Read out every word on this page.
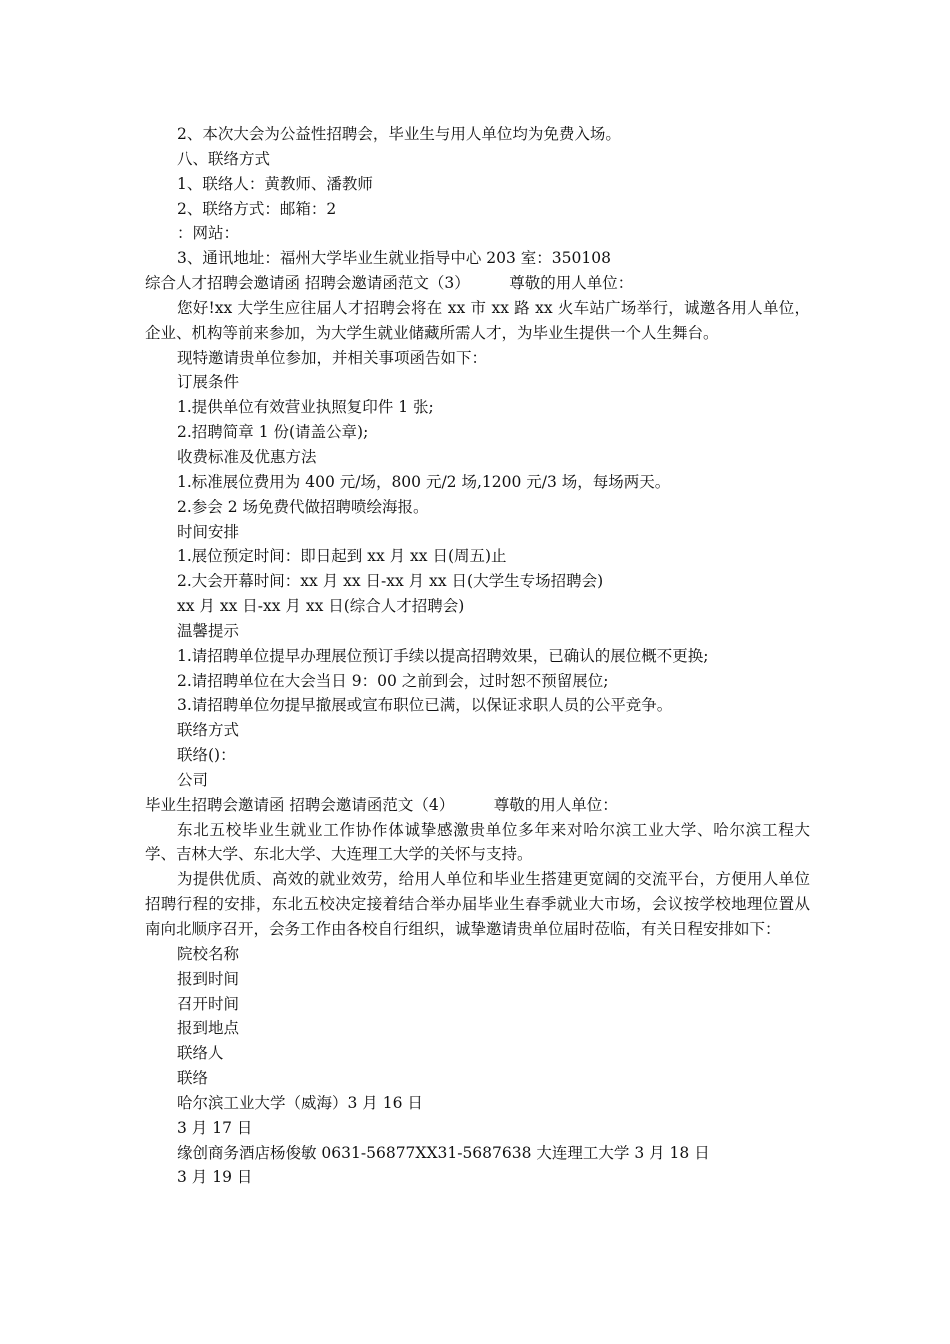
2、本次大会为公益性招聘会，毕业生与用人单位均为免费入场。
八、联络方式
1、联络人：黄教师、潘教师
2、联络方式：邮箱：2
：网站：
3、通讯地址：福州大学毕业生就业指导中心 203 室：350108
综合人才招聘会邀请函 招聘会邀请函范文（3）        尊敬的用人单位：
您好!xx 大学生应往届人才招聘会将在 xx 市 xx 路 xx 火车站广场举行，诚邀各用人单位，企业、机构等前来参加，为大学生就业储藏所需人才，为毕业生提供一个人生舞台。
现特邀请贵单位参加，并相关事项函告如下：
订展条件
1.提供单位有效营业执照复印件 1 张;
2.招聘简章 1 份(请盖公章);
收费标准及优惠方法
1.标准展位费用为 400 元/场，800 元/2 场,1200 元/3 场，每场两天。
2.参会 2 场免费代做招聘喷绘海报。
时间安排
1.展位预定时间：即日起到 xx 月 xx 日(周五)止
2.大会开幕时间：xx 月 xx 日-xx 月 xx 日(大学生专场招聘会)
xx 月 xx 日-xx 月 xx 日(综合人才招聘会)
温馨提示
1.请招聘单位提早办理展位预订手续以提高招聘效果，已确认的展位概不更换;
2.请招聘单位在大会当日 9：00 之前到会，过时恕不预留展位;
3.请招聘单位勿提早撤展或宣布职位已满，以保证求职人员的公平竞争。
联络方式
联络()：
公司
毕业生招聘会邀请函 招聘会邀请函范文（4）        尊敬的用人单位：
东北五校毕业生就业工作协作体诚挚感激贵单位多年来对哈尔滨工业大学、哈尔滨工程大学、吉林大学、东北大学、大连理工大学的关怀与支持。
为提供优质、高效的就业效劳，给用人单位和毕业生搭建更宽阔的交流平台，方便用人单位招聘行程的安排，东北五校决定接着结合举办届毕业生春季就业大市场，会议按学校地理位置从南向北顺序召开，会务工作由各校自行组织，诚挚邀请贵单位届时莅临，有关日程安排如下：
院校名称
报到时间
召开时间
报到地点
联络人
联络
哈尔滨工业大学（威海）3 月 16 日
3 月 17 日
缘创商务酒店杨俊敏 0631-56877XX31-5687638 大连理工大学 3 月 18 日
3 月 19 日
